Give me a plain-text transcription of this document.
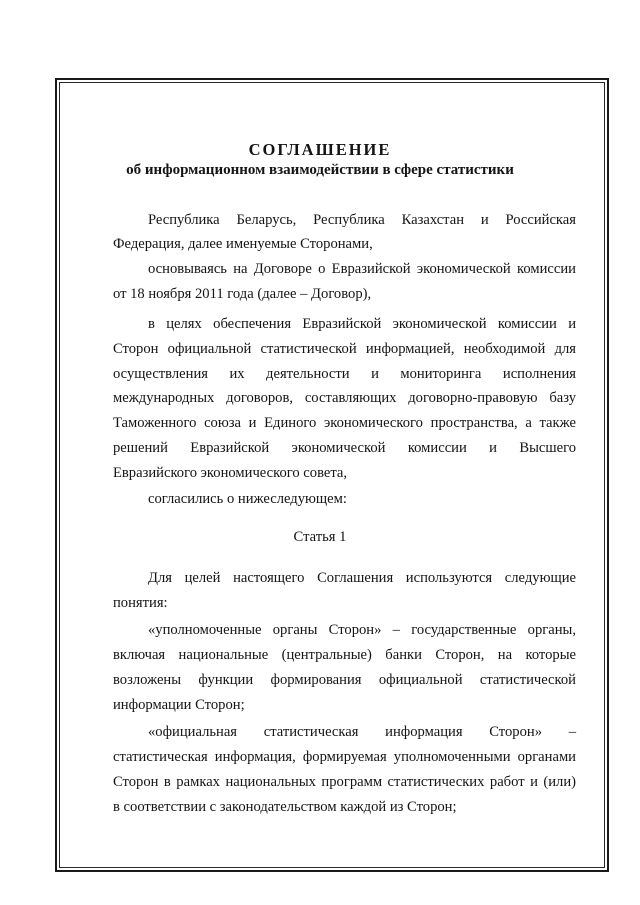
СОГЛАШЕНИЕ
об информационном взаимодействии в сфере статистики

Республика Беларусь, Республика Казахстан и Российская

Федерация, далее именуемые Сторонами,

основываясь на Договоре о Евразийской экономической комиссии

от 18 ноября 2011 года (далее – Договор),

в целях обеспечения Евразийской экономической комиссии и

Сторон официальной статистической информацией, необходимой для

осуществления их деятельности и мониторинга исполнения

международных договоров, составляющих договорно-правовую базу

Таможенного союза и Единого экономического пространства, а также

решений Евразийской экономической комиссии и Высшего

Евразийского экономического совета,

согласились о нижеследующем:

Статья 1

Для целей настоящего Соглашения используются следующие

понятия:

«уполномоченные органы Сторон» – государственные органы,

включая национальные (центральные) банки Сторон, на которые

возложены функции формирования официальной статистической

информации Сторон;

«официальная статистическая информация Сторон» –

статистическая информация, формируемая уполномоченными органами

Сторон в рамках национальных программ статистических работ и (или)

в соответствии с законодательством каждой из Сторон;
